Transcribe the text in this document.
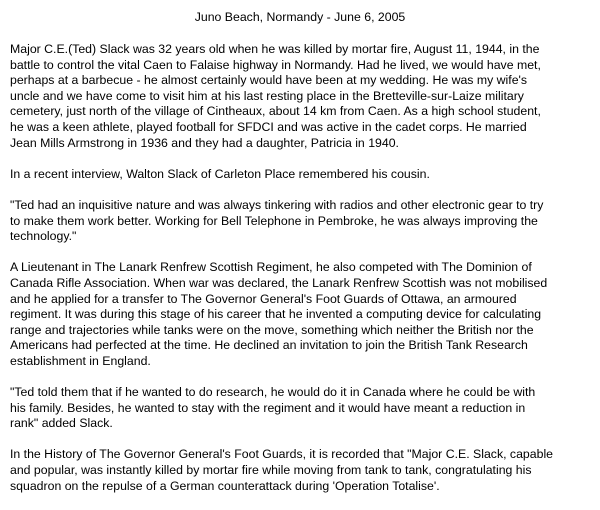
Juno Beach, Normandy - June 6, 2005

Major C.E.(Ted) Slack was 32 years old when he was killed by mortar fire, August 11, 1944, in the
battle to control the vital Caen to Falaise highway in Normandy. Had he lived, we would have met,
perhaps at a barbecue - he almost certainly would have been at my wedding. He was my wife's
uncle and we have come to visit him at his last resting place in the Bretteville-sur-Laize military
cemetery, just north of the village of Cintheaux, about 14 km from Caen. As a high school student,
he was a keen athlete, played football for SFDCI and was active in the cadet corps. He married
Jean Mills Armstrong in 1936 and they had a daughter, Patricia in 1940.

In a recent interview, Walton Slack of Carleton Place remembered his cousin.

"Ted had an inquisitive nature and was always tinkering with radios and other electronic gear to try
to make them work better. Working for Bell Telephone in Pembroke, he was always improving the
technology."

A Lieutenant in The Lanark Renfrew Scottish Regiment, he also competed with The Dominion of
Canada Rifle Association. When war was declared, the Lanark Renfrew Scottish was not mobilised
and he applied for a transfer to The Governor General's Foot Guards of Ottawa, an armoured
regiment. It was during this stage of his career that he invented a computing device for calculating
range and trajectories while tanks were on the move, something which neither the British nor the
Americans had perfected at the time. He declined an invitation to join the British Tank Research
establishment in England.

"Ted told them that if he wanted to do research, he would do it in Canada where he could be with
his family. Besides, he wanted to stay with the regiment and it would have meant a reduction in
rank" added Slack.

In the History of The Governor General's Foot Guards, it is recorded that "Major C.E. Slack, capable
and popular, was instantly killed by mortar fire while moving from tank to tank, congratulating his
squadron on the repulse of a German counterattack during 'Operation Totalise'.
